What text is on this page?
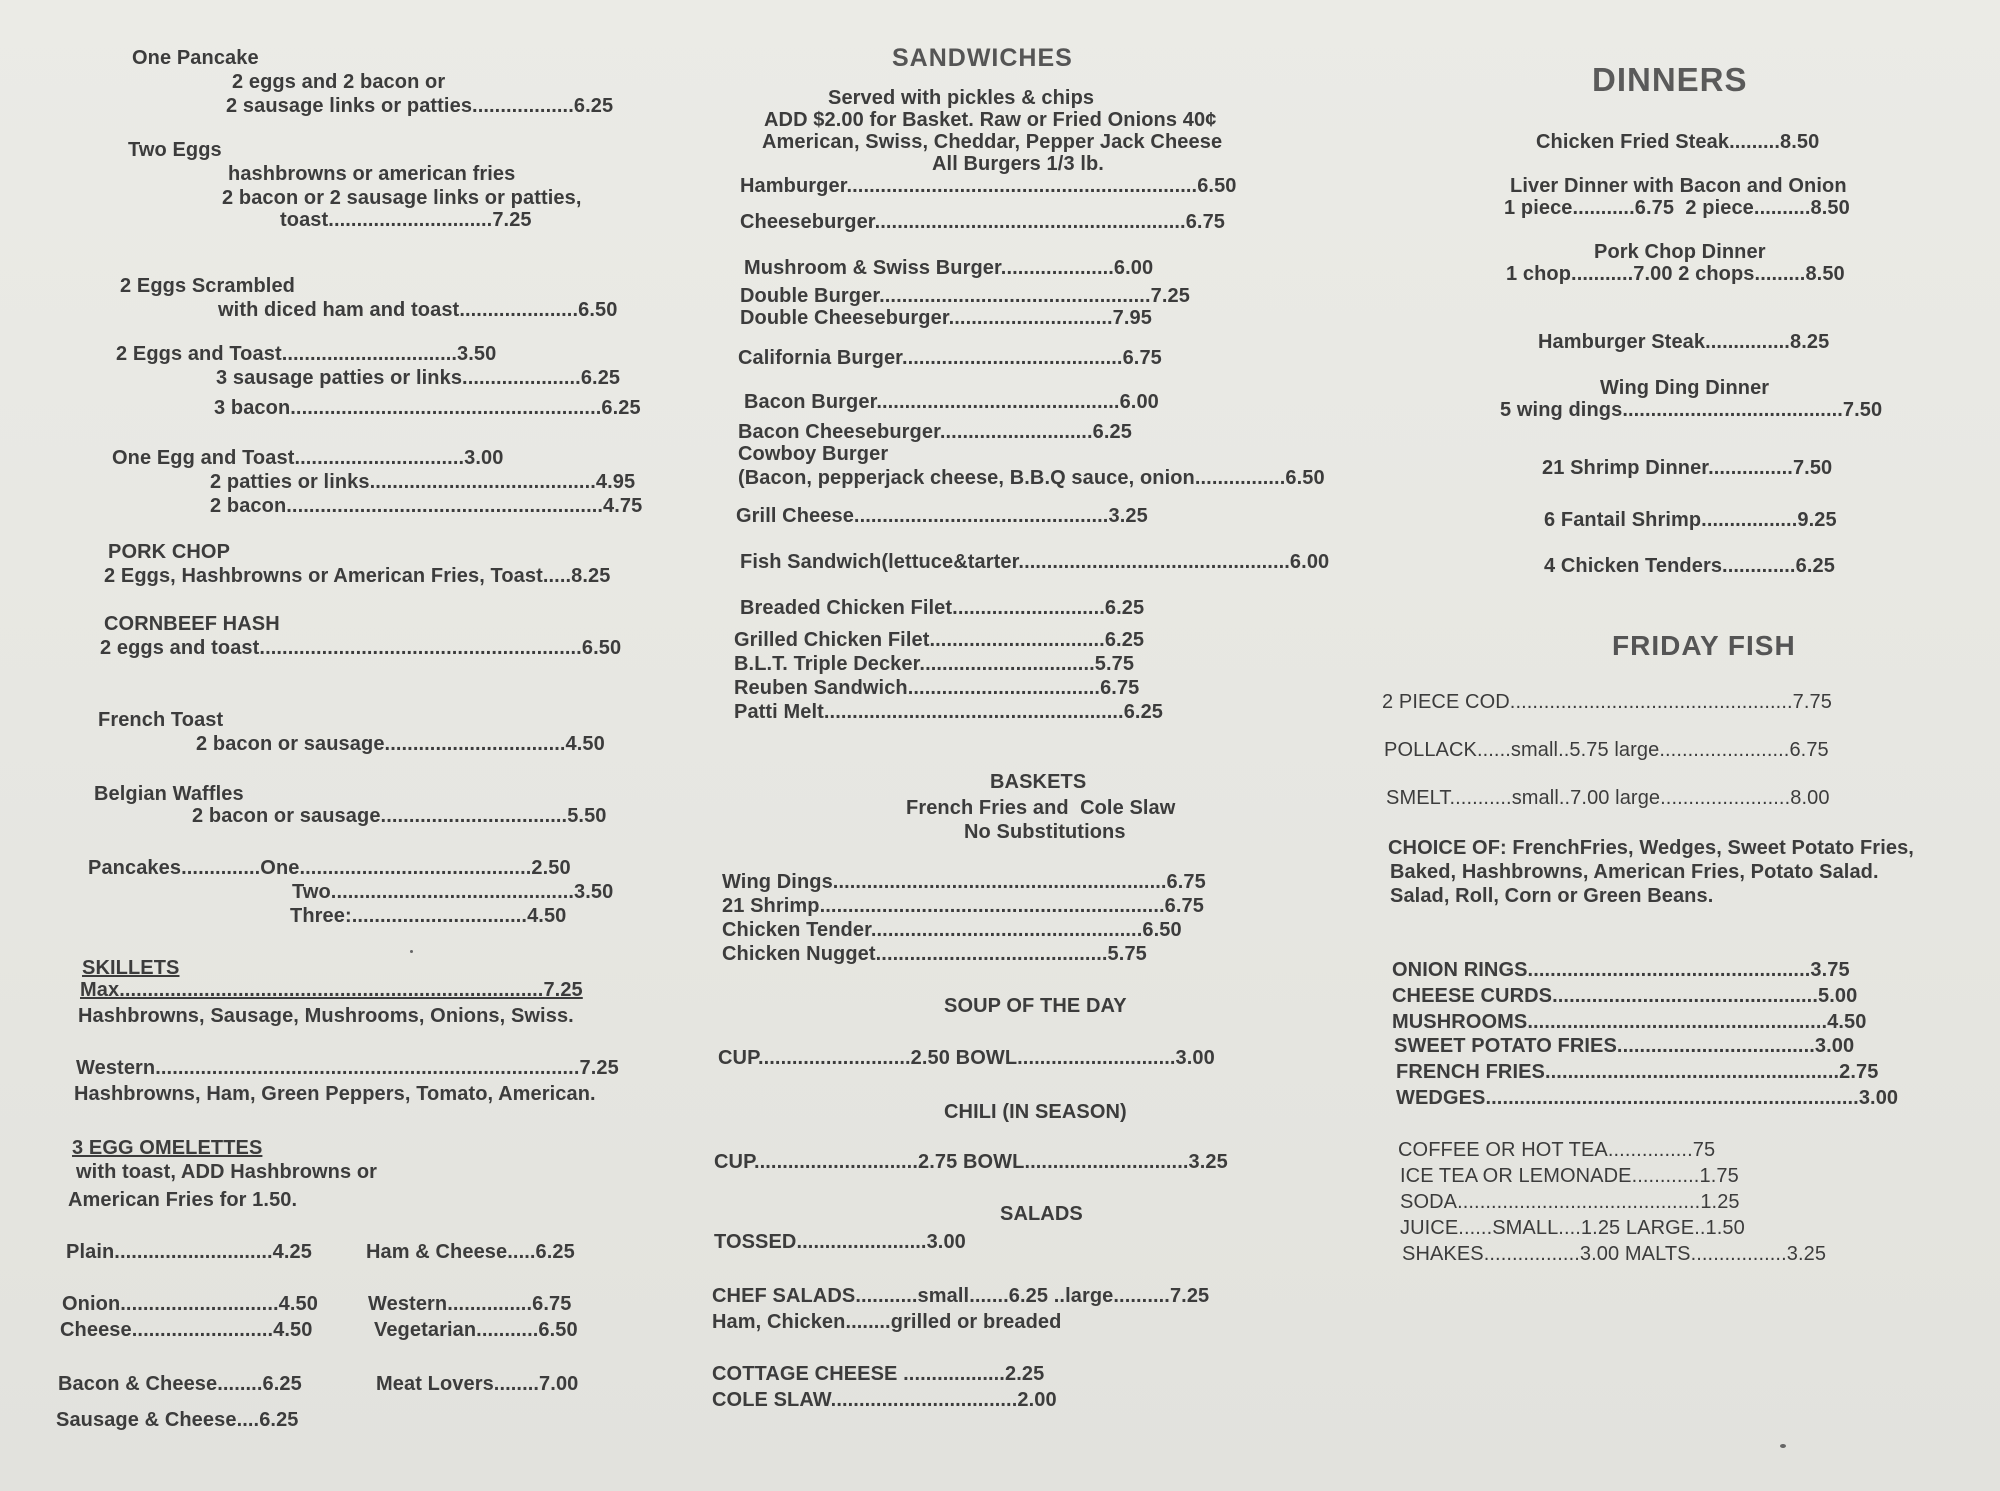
One Pancake
2 eggs and 2 bacon or
2 sausage links or patties..................6.25
Two Eggs
hashbrowns or american fries
2 bacon or 2 sausage links or patties,
toast.............................7.25
2 Eggs Scrambled
with diced ham and toast.....................6.50
2 Eggs and Toast...............................3.50
3 sausage patties or links.....................6.25
3 bacon.......................................................6.25
One Egg and Toast..............................3.00
2 patties or links........................................4.95
2 bacon........................................................4.75
PORK CHOP
2 Eggs, Hashbrowns or American Fries, Toast.....8.25
CORNBEEF HASH
2 eggs and toast.........................................................6.50
French Toast
2 bacon or sausage................................4.50
Belgian Waffles
2 bacon or sausage.................................5.50
Pancakes..............One.........................................2.50
Two...........................................3.50
Three:...............................4.50
SKILLETS
Max...........................................................................7.25
Hashbrowns, Sausage, Mushrooms, Onions, Swiss.
Western...........................................................................7.25
Hashbrowns, Ham, Green Peppers, Tomato, American.
3 EGG OMELETTES
with toast, ADD Hashbrowns or
American Fries for 1.50.
Plain............................4.25	Ham & Cheese.....6.25
Onion............................4.50	Western...............6.75
Cheese.........................4.50	Vegetarian...........6.50
Bacon & Cheese........6.25	Meat Lovers........7.00
Sausage & Cheese....6.25
SANDWICHES
Served with pickles & chips
ADD $2.00 for Basket. Raw or Fried Onions 40¢
American, Swiss, Cheddar, Pepper Jack Cheese
All Burgers 1/3 lb.
Hamburger..............................................................6.50
Cheeseburger.......................................................6.75
Mushroom & Swiss Burger....................6.00
Double Burger................................................7.25
Double Cheeseburger.............................7.95
California Burger.......................................6.75
Bacon Burger...........................................6.00
Bacon Cheeseburger...........................6.25
Cowboy Burger
(Bacon, pepperjack cheese, B.B.Q sauce, onion................6.50
Grill Cheese.............................................3.25
Fish Sandwich(lettuce&tarter................................................6.00
Breaded Chicken Filet...........................6.25
Grilled Chicken Filet...............................6.25
B.L.T. Triple Decker...............................5.75
Reuben Sandwich..................................6.75
Patti Melt.....................................................6.25
BASKETS
French Fries and  Cole Slaw
No Substitutions
Wing Dings...........................................................6.75
21 Shrimp.............................................................6.75
Chicken Tender................................................6.50
Chicken Nugget.........................................5.75
SOUP OF THE DAY
CUP...........................2.50 BOWL............................3.00
CHILI (IN SEASON)
CUP.............................2.75 BOWL.............................3.25
SALADS
TOSSED.......................3.00
CHEF SALADS...........small.......6.25 ..large..........7.25
Ham, Chicken........grilled or breaded
COTTAGE CHEESE ..................2.25
COLE SLAW.................................2.00
DINNERS
Chicken Fried Steak.........8.50
Liver Dinner with Bacon and Onion
1 piece...........6.75  2 piece..........8.50
Pork Chop Dinner
1 chop...........7.00 2 chops.........8.50
Hamburger Steak...............8.25
Wing Ding Dinner
5 wing dings.......................................7.50
21 Shrimp Dinner...............7.50
6 Fantail Shrimp.................9.25
4 Chicken Tenders.............6.25
FRIDAY FISH
2 PIECE COD..................................................7.75
POLLACK......small..5.75 large.......................6.75
SMELT...........small..7.00 large.......................8.00
CHOICE OF: FrenchFries, Wedges, Sweet Potato Fries,
Baked, Hashbrowns, American Fries, Potato Salad.
Salad, Roll, Corn or Green Beans.
ONION RINGS..................................................3.75
CHEESE CURDS...............................................5.00
MUSHROOMS.....................................................4.50
SWEET POTATO FRIES...................................3.00
FRENCH FRIES....................................................2.75
WEDGES..................................................................3.00
COFFEE OR HOT TEA...............75
ICE TEA OR LEMONADE............1.75
SODA...........................................1.25
JUICE......SMALL....1.25 LARGE..1.50
SHAKES.................3.00 MALTS.................3.25
